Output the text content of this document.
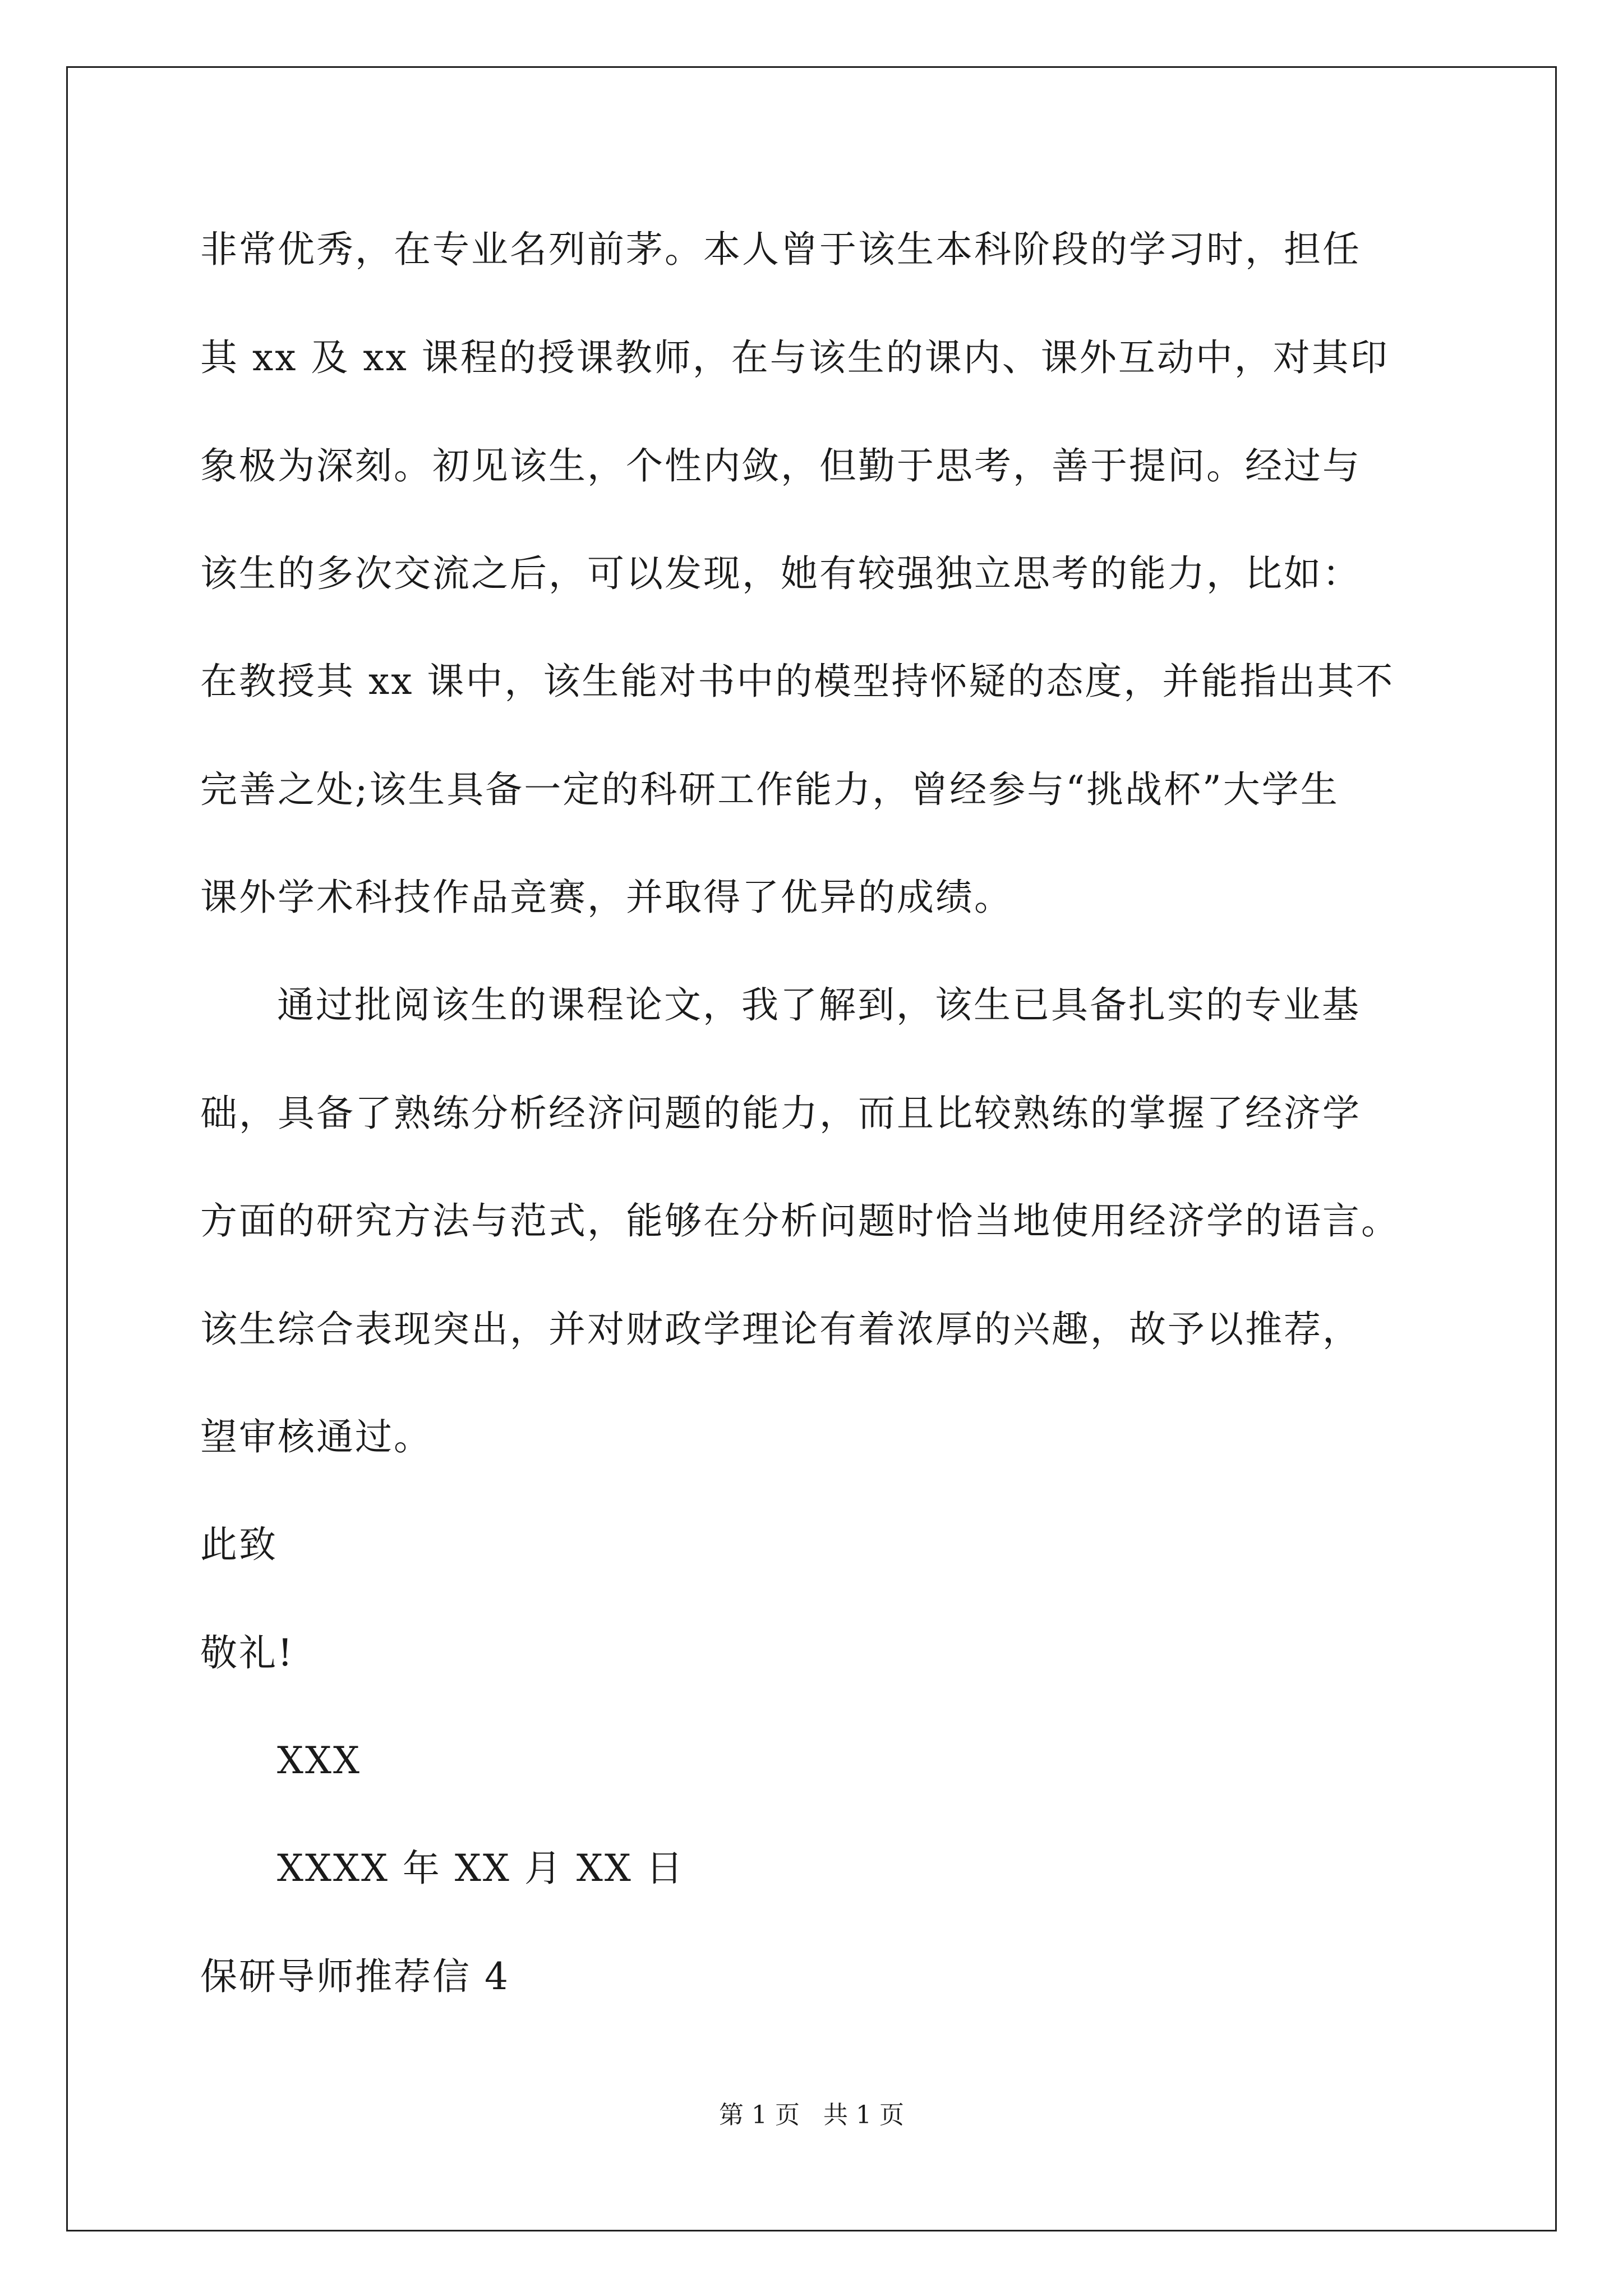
非常优秀，在专业名列前茅。本人曾于该生本科阶段的学习时，担任
其 xx 及 xx 课程的授课教师，在与该生的课内、课外互动中，对其印
象极为深刻。初见该生，个性内敛，但勤于思考，善于提问。经过与
该生的多次交流之后，可以发现，她有较强独立思考的能力，比如：
在教授其 xx 课中，该生能对书中的模型持怀疑的态度，并能指出其不
完善之处;该生具备一定的科研工作能力，曾经参与“挑战杯”大学生
课外学术科技作品竞赛，并取得了优异的成绩。
通过批阅该生的课程论文，我了解到，该生已具备扎实的专业基
础，具备了熟练分析经济问题的能力，而且比较熟练的掌握了经济学
方面的研究方法与范式，能够在分析问题时恰当地使用经济学的语言。
该生综合表现突出，并对财政学理论有着浓厚的兴趣，故予以推荐，
望审核通过。
此致
敬礼!
XXX
XXXX 年 XX 月 XX 日
保研导师推荐信 4
第 1 页   共 1 页
